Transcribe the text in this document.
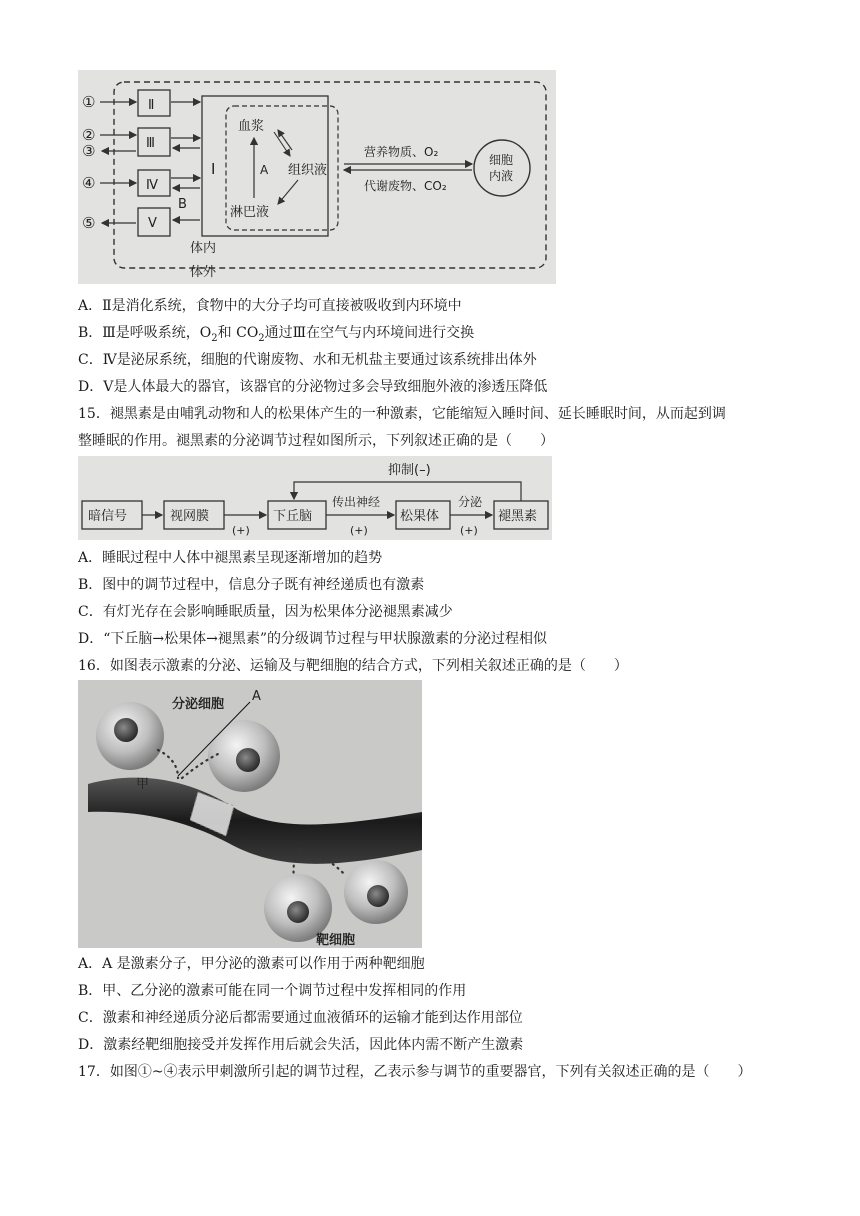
①
②
③
④
⑤
Ⅱ
Ⅲ
Ⅳ
Ⅴ
B
Ⅰ
血浆
淋巴液
A 组织液
营养物质、O₂
代谢废物、CO₂
细胞
内液
体内
体外
A．Ⅱ是消化系统，食物中的大分子均可直接被吸收到内环境中
B．Ⅲ是呼吸系统，$O_2$和 $CO_2$通过Ⅲ在空气与内环境间进行交换
C．Ⅳ是泌尿系统，细胞的代谢废物、水和无机盐主要通过该系统排出体外
D．Ⅴ是人体最大的器官，该器官的分泌物过多会导致细胞外液的渗透压降低
15．褪黑素是由哺乳动物和人的松果体产生的一种激素，它能缩短入睡时间、延长睡眠时间，从而起到调
整睡眠的作用。褪黑素的分泌调节过程如图所示，下列叙述正确的是（　　）
暗信号	视网膜	下丘脑	松果体	褪黑素
抑制(–)
传出神经	分泌
(+)	(+)	(+)
A．睡眠过程中人体中褪黑素呈现逐渐增加的趋势
B．图中的调节过程中，信息分子既有神经递质也有激素
C．有灯光存在会影响睡眠质量，因为松果体分泌褪黑素减少
D．“下丘脑→松果体→褪黑素”的分级调节过程与甲状腺激素的分泌过程相似
16．如图表示激素的分泌、运输及与靶细胞的结合方式，下列相关叙述正确的是（　　）
A
分泌细胞
甲
乙
靶细胞
A．A 是激素分子，甲分泌的激素可以作用于两种靶细胞
B．甲、乙分泌的激素可能在同一个调节过程中发挥相同的作用
C．激素和神经递质分泌后都需要通过血液循环的运输才能到达作用部位
D．激素经靶细胞接受并发挥作用后就会失活，因此体内需不断产生激素
17．如图①~④表示甲刺激所引起的调节过程，乙表示参与调节的重要器官，下列有关叙述正确的是（　　）
